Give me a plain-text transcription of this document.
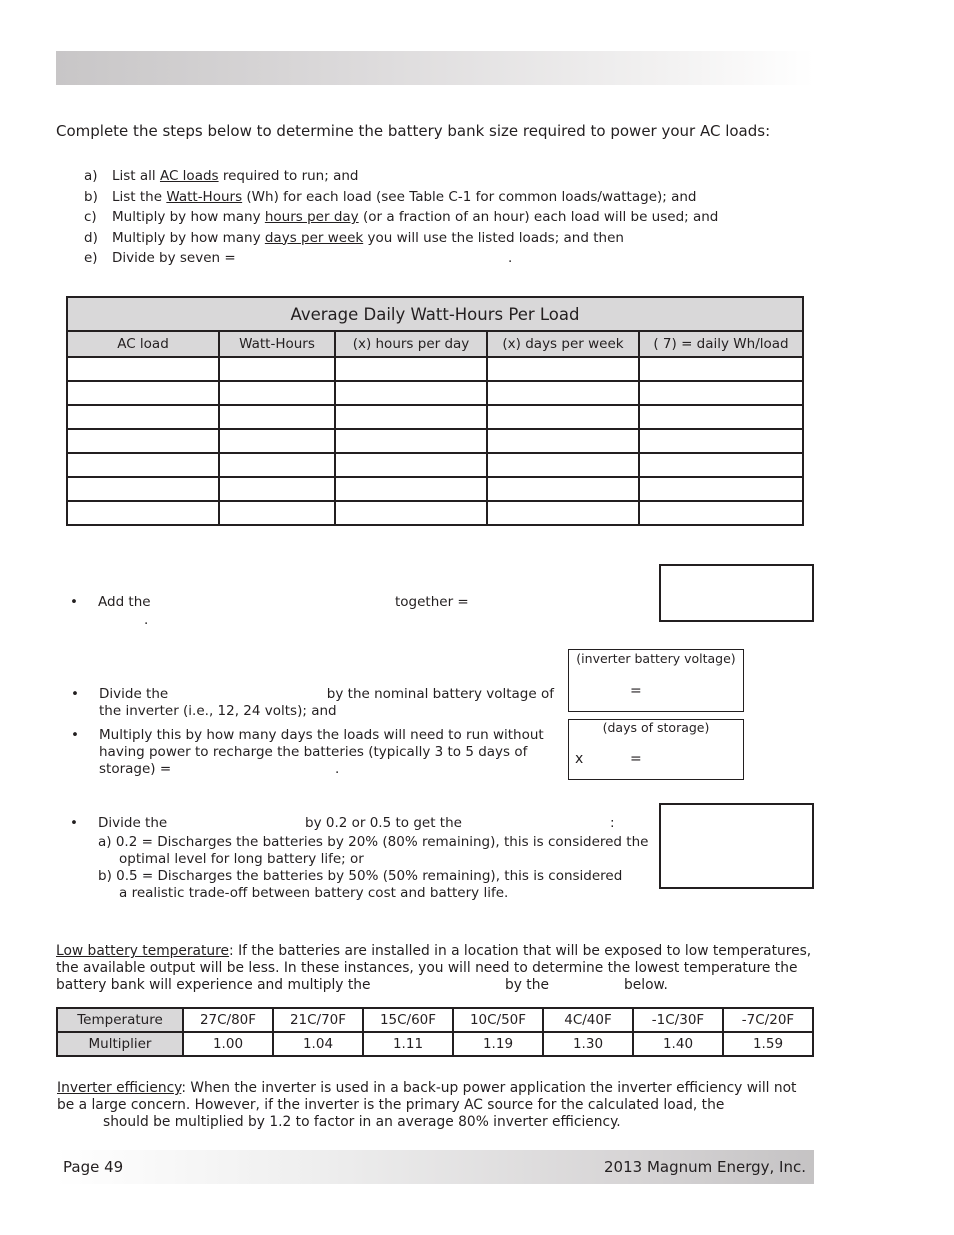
Complete the steps below to determine the battery bank size required to power your AC loads:
a)	List all AC loads required to run; and
b)	List the Watt-Hours (Wh) for each load (see Table C-1 for common loads/wattage); and
c)	Multiply by how many hours per day (or a fraction of an hour) each load will be used; and
d)	Multiply by how many days per week you will use the listed loads; and then
e)	Divide by seven =	.
Average Daily Watt-Hours Per Load				
AC load	Watt-Hours	(x) hours per day	(x) days per week	( 7) = daily Wh/load

• Add the	together =
.
• Divide the	by the nominal battery voltage of
the inverter (i.e., 12, 24 volts); and
(inverter battery voltage)
=
• Multiply this by how many days the loads will need to run without
having power to recharge the batteries (typically 3 to 5 days of
storage) =	.
(days of storage)
x	=
• Divide the	by 0.2 or 0.5 to get the	:
a) 0.2 = Discharges the batteries by 20% (80% remaining), this is considered the
optimal level for long battery life; or
b) 0.5 = Discharges the batteries by 50% (50% remaining), this is considered
a realistic trade-off between battery cost and battery life.
Low battery temperature: If the batteries are installed in a location that will be exposed to low temperatures,
the available output will be less. In these instances, you will need to determine the lowest temperature the
battery bank will experience and multiply the	by the	below.
Temperature	27C/80F	21C/70F	15C/60F	10C/50F	4C/40F	-1C/30F	-7C/20F
Multiplier	1.00	1.04	1.11	1.19	1.30	1.40	1.59
Inverter efficiency: When the inverter is used in a back-up power application the inverter efficiency will not
be a large concern. However, if the inverter is the primary AC source for the calculated load, the
should be multiplied by 1.2 to factor in an average 80% inverter efficiency.
Page 49	2013 Magnum Energy, Inc.
